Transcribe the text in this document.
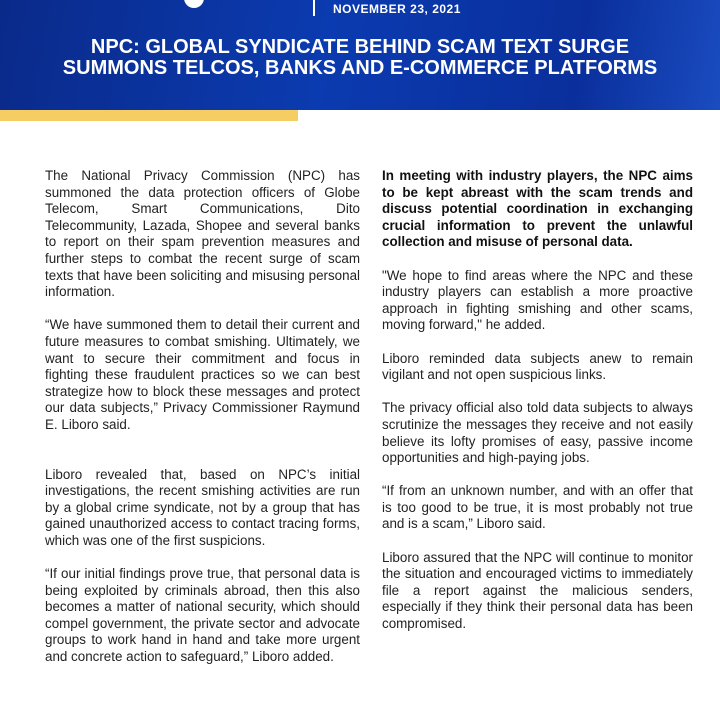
NOVEMBER 23, 2021
NPC: GLOBAL SYNDICATE BEHIND SCAM TEXT SURGE
SUMMONS TELCOS, BANKS AND E-COMMERCE PLATFORMS

The National Privacy Commission (NPC) has summoned the data protection officers of Globe Telecom, Smart Communications, Dito Telecommunity, Lazada, Shopee and several banks to report on their spam prevention measures and further steps to combat the recent surge of scam texts that have been soliciting and misusing personal information.

“We have summoned them to detail their current and future measures to combat smishing. Ultimately, we want to secure their commitment and focus in fighting these fraudulent practices so we can best strategize how to block these messages and protect our data subjects,” Privacy Commissioner Raymund E. Liboro said.

Liboro revealed that, based on NPC’s initial investigations, the recent smishing activities are run by a global crime syndicate, not by a group that has gained unauthorized access to contact tracing forms, which was one of the first suspicions.

“If our initial findings prove true, that personal data is being exploited by criminals abroad, then this also becomes a matter of national security, which should compel government, the private sector and advocate groups to work hand in hand and take more urgent and concrete action to safeguard,” Liboro added.

In meeting with industry players, the NPC aims to be kept abreast with the scam trends and discuss potential coordination in exchanging crucial information to prevent the unlawful collection and misuse of personal data.

"We hope to find areas where the NPC and these industry players can establish a more proactive approach in fighting smishing and other scams, moving forward," he added.

Liboro reminded data subjects anew to remain vigilant and not open suspicious links.

The privacy official also told data subjects to always scrutinize the messages they receive and not easily believe its lofty promises of easy, passive income opportunities and high-paying jobs.

“If from an unknown number, and with an offer that is too good to be true, it is most probably not true and is a scam,” Liboro said.

Liboro assured that the NPC will continue to monitor the situation and encouraged victims to immediately file a report against the malicious senders, especially if they think their personal data has been compromised.
